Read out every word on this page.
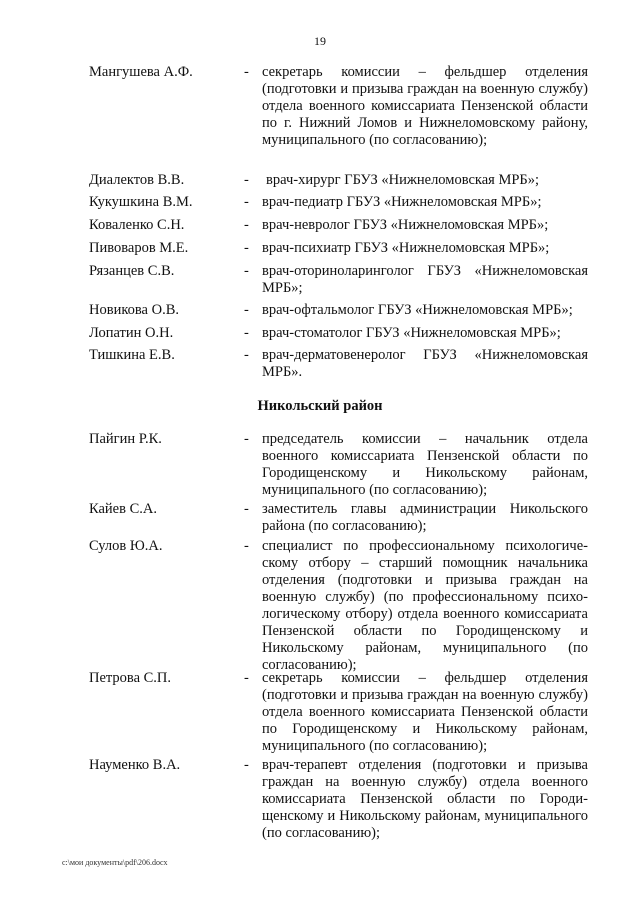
19
Мангушева А.Ф.	- секретарь комиссии – фельдшер отделения (подготовки и призыва граждан на военную службу) отдела военного комиссариата Пензенской области по г. Нижний Ломов и Нижнеломовскому району, муниципального (по согласованию);
Диалектов В.В.	- врач-хирург ГБУЗ «Нижнеломовская МРБ»;
Кукушкина В.М.	- врач-педиатр ГБУЗ «Нижнеломовская МРБ»;
Коваленко С.Н.	- врач-невролог ГБУЗ «Нижнеломовская МРБ»;
Пивоваров М.Е.	- врач-психиатр ГБУЗ «Нижнеломовская МРБ»;
Рязанцев С.В.	- врач-оториноларинголог ГБУЗ «Нижнеломовская МРБ»;
Новикова О.В.	- врач-офтальмолог ГБУЗ «Нижнеломовская МРБ»;
Лопатин О.Н.	- врач-стоматолог ГБУЗ «Нижнеломовская МРБ»;
Тишкина Е.В.	- врач-дерматовенеролог ГБУЗ «Нижнеломовская МРБ».
Никольский район
Пайгин Р.К.	- председатель комиссии – начальник отдела военного комиссариата Пензенской области по Городищенскому и Никольскому районам, муниципального (по согласованию);
Кайев С.А.	- заместитель главы администрации Никольского района (по согласованию);
Сулов Ю.А.	- специалист по профессиональному психологическому отбору – старший помощник начальника отделения (подготовки и призыва граждан на военную службу) (по профессиональному психологическому отбору) отдела военного комиссариата Пензенской области по Городищенскому и Никольскому районам, муниципального (по согласованию);
Петрова С.П.	- секретарь комиссии – фельдшер отделения (подготовки и призыва граждан на военную службу) отдела военного комиссариата Пензенской области по Городищенскому и Никольскому районам, муниципального (по согласованию);
Науменко В.А.	- врач-терапевт отделения (подготовки и призыва граждан на военную службу) отдела военного комиссариата Пензенской области по Городищенскому и Никольскому районам, муниципального (по согласованию);
c:\мои документы\pdf\206.docx
